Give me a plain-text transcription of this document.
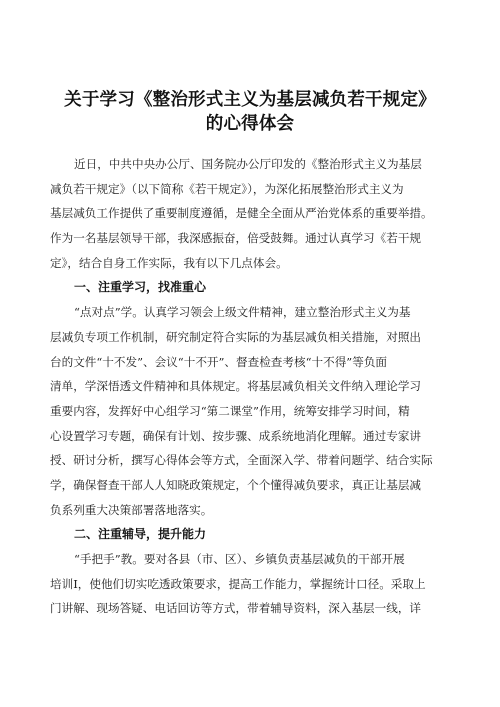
关于学习《整治形式主义为基层减负若干规定》
的心得体会
近日，中共中央办公厅、国务院办公厅印发的《整治形式主义为基层
减负若干规定》（以下简称《若干规定》），为深化拓展整治形式主义为
基层减负工作提供了重要制度遵循，是健全全面从严治党体系的重要举措。
作为一名基层领导干部，我深感振奋，倍受鼓舞。通过认真学习《若干规
定》，结合自身工作实际，我有以下几点体会。
一、注重学习，找准重心
“点对点”学。认真学习领会上级文件精神，建立整治形式主义为基
层减负专项工作机制，研究制定符合实际的为基层减负相关措施，对照出
台的文件“十不发”、会议“十不开”、督查检查考核“十不得”等负面
清单，学深悟透文件精神和具体规定。将基层减负相关文件纳入理论学习
重要内容，发挥好中心组学习“第二课堂”作用，统筹安排学习时间，精
心设置学习专题，确保有计划、按步骤、成系统地消化理解。通过专家讲
授、研讨分析，撰写心得体会等方式，全面深入学、带着问题学、结合实际
学，确保督查干部人人知晓政策规定，个个懂得减负要求，真正让基层减
负系列重大决策部署落地落实。
二、注重辅导，提升能力
“手把手”教。要对各县（市、区）、乡镇负责基层减负的干部开展
培训I，使他们切实吃透政策要求，提高工作能力，掌握统计口径。采取上
门讲解、现场答疑、电话回访等方式，带着辅导资料，深入基层一线，详
